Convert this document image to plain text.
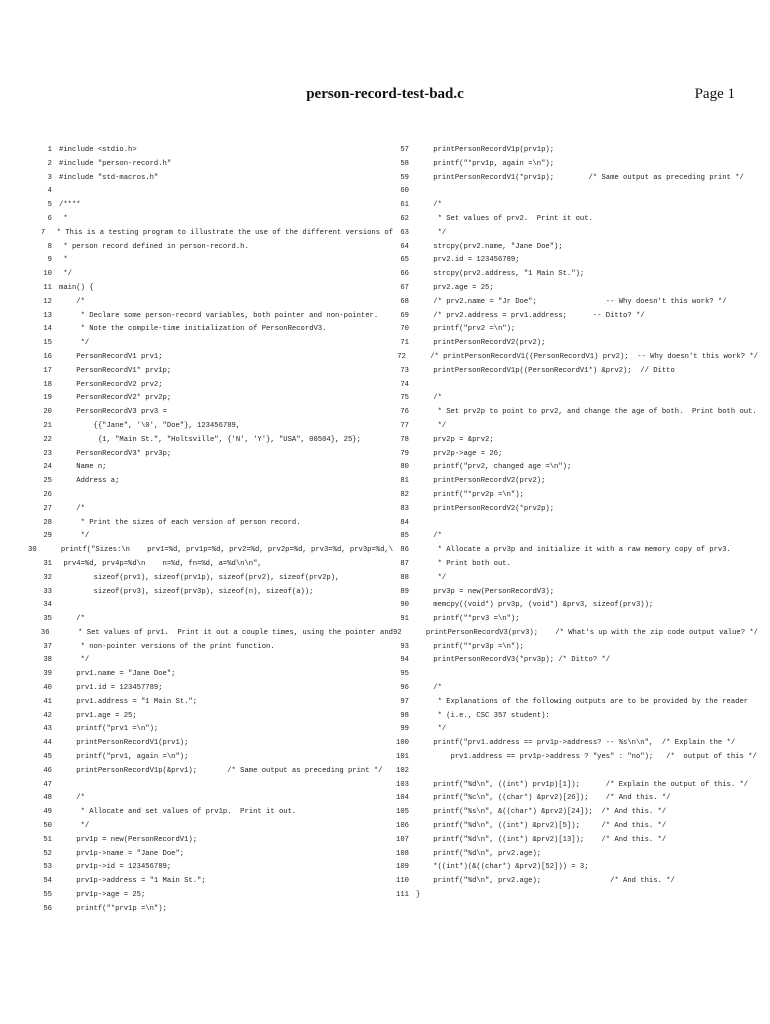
person-record-test-bad.c	Page 1
1 #include <stdio.h>
2 #include "person-record.h"
3 #include "std-macros.h"
4
5 /****
6 *
7 * This is a testing program to illustrate the use of the different versions of
8 * person record defined in person-record.h.
9 *
10 */
11 main() {
12 /*
13 * Declare some person-record variables, both pointer and non-pointer.
14 * Note the compile-time initialization of PersonRecordV3.
15 */
16 PersonRecordV1 prv1;
17 PersonRecordV1* prv1p;
18 PersonRecordV2 prv2;
19 PersonRecordV2* prv2p;
20 PersonRecordV3 prv3 =
21 {{"Jane", '\0', "Doe"}, 123456789,
22 {1, "Main St.", "Holtsville", {'N', 'Y'}, "USA", 00504}, 25};
23 PersonRecordV3* prv3p;
24 Name n;
25 Address a;
26
27 /*
28 * Print the sizes of each version of person record.
29 */
30 printf("Sizes:\n    prv1=%d, prv1p=%d, prv2=%d, prv2p=%d, prv3=%d, prv3p=%d,\
31 prv4=%d, prv4p=%d\n    n=%d, fn=%d, a=%d\n\n",
32 sizeof(prv1), sizeof(prv1p), sizeof(prv2), sizeof(prv2p),
33 sizeof(prv3), sizeof(prv3p), sizeof(n), sizeof(a));
34
35 /*
36 * Set values of prv1.  Print it out a couple times, using the pointer and
37 * non-pointer versions of the print function.
38 */
39 prv1.name = "Jane Doe";
40 prv1.id = 123457789;
41 prv1.address = "1 Main St.";
42 prv1.age = 25;
43 printf("prv1 =\n");
44 printPersonRecordV1(prv1);
45 printf("prv1, again =\n");
46 printPersonRecordV1p(&prv1);       /* Same output as preceding print */
47
48 /*
49 * Allocate and set values of prv1p.  Print it out.
50 */
51 prv1p = new(PersonRecordV1);
52 prv1p->name = "Jane Doe";
53 prv1p->id = 123456789;
54 prv1p->address = "1 Main St.";
55 prv1p->age = 25;
56 printf("*prv1p =\n");
57 printPersonRecordV1p(prv1p);
58 printf("*prv1p, again =\n");
59 printPersonRecordV1(*prv1p);        /* Same output as preceding print */
60
61 /*
62 * Set values of prv2.  Print it out.
63 */
64 strcpy(prv2.name, "Jane Doe");
65 prv2.id = 123456789;
66 strcpy(prv2.address, "1 Main St.");
67 prv2.age = 25;
68 /* prv2.name = "Jr Doe";                -- Why doesn't this work? */
69 /* prv2.address = prv1.address;      -- Ditto? */
70 printf("prv2 =\n");
71 printPersonRecordV2(prv2);
72 /* printPersonRecordV1((PersonRecordV1) prv2);  -- Why doesn't this work? */
73 printPersonRecordV1p((PersonRecordV1*) &prv2);  // Ditto
74
75 /*
76 * Set prv2p to point to prv2, and change the age of both.  Print both out.
77 */
78 prv2p = &prv2;
79 prv2p->age = 26;
80 printf("prv2, changed age =\n");
81 printPersonRecordV2(prv2);
82 printf("*prv2p =\n");
83 printPersonRecordV2(*prv2p);
84
85 /*
86 * Allocate a prv3p and initialize it with a raw memory copy of prv3.
87 * Print both out.
88 */
89 prv3p = new(PersonRecordV3);
90 memcpy((void*) prv3p, (void*) &prv3, sizeof(prv3));
91 printf("*prv3 =\n");
92 printPersonRecordV3(prv3);    /* What's up with the zip code output value? */
93 printf("*prv3p =\n");
94 printPersonRecordV3(*prv3p); /* Ditto? */
95
96 /*
97 * Explanations of the following outputs are to be provided by the reader
98 * (i.e., CSC 357 student):
99 */
100 printf("prv1.address == prv1p->address? -- %s\n\n",  /* Explain the */
101 prv1.address == prv1p->address ? "yes" : "no");   /*  output of this */
102
103 printf("%d\n", ((int*) prv1p)[1]);      /* Explain the output of this. */
104 printf("%c\n", ((char*) &prv2)[26]);    /* And this. */
105 printf("%s\n", &((char*) &prv2)[24]);  /* And this. */
106 printf("%d\n", ((int*) &prv2)[5]);     /* And this. */
107 printf("%d\n", ((int*) &prv2)[13]);    /* And this. */
108 printf("%d\n", prv2.age);
109 *((int*)(&((char*) &prv2)[52])) = 3;
110 printf("%d\n", prv2.age);                /* And this. */
111 }
